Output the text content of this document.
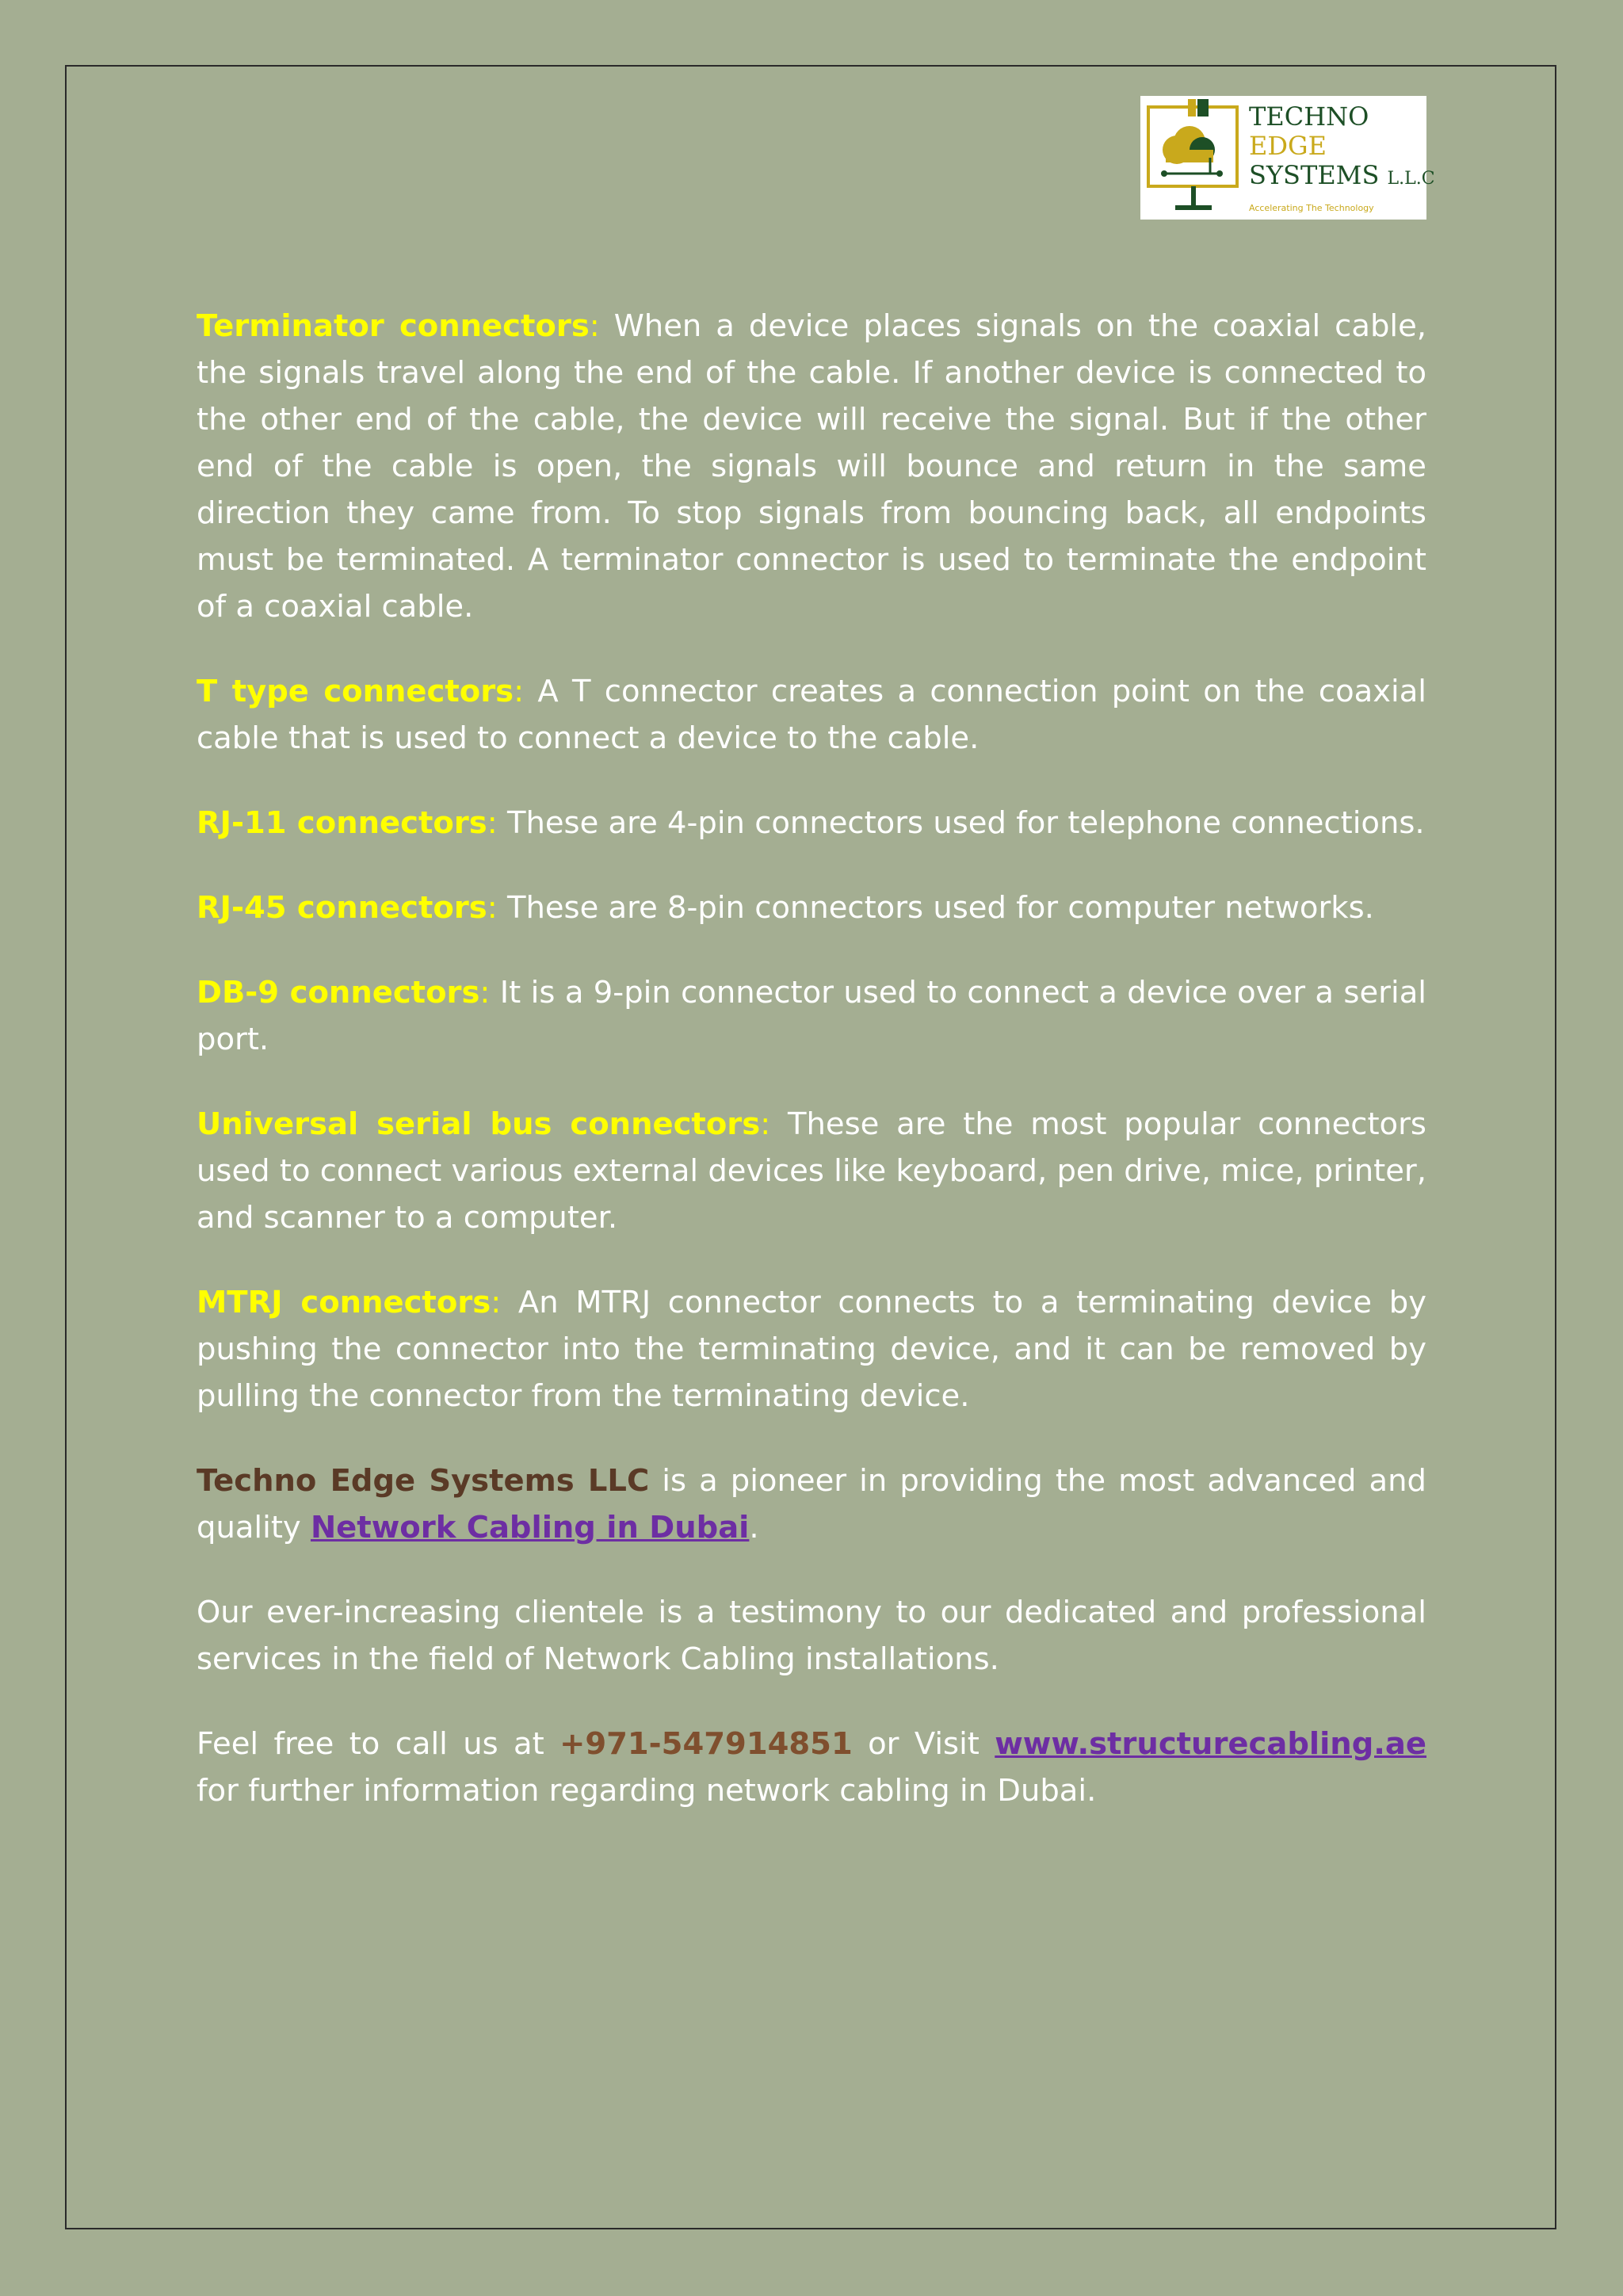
TECHNO
EDGE
SYSTEMS L.L.C
Accelerating The Technology

Terminator connectors: When a device places signals on the coaxial cable, the signals travel along the end of the cable. If another device is connected to the other end of the cable, the device will receive the signal. But if the other end of the cable is open, the signals will bounce and return in the same direction they came from. To stop signals from bouncing back, all endpoints must be terminated. A terminator connector is used to terminate the endpoint of a coaxial cable.

T type connectors: A T connector creates a connection point on the coaxial cable that is used to connect a device to the cable.

RJ-11 connectors: These are 4-pin connectors used for telephone connections.

RJ-45 connectors: These are 8-pin connectors used for computer networks.

DB-9 connectors: It is a 9-pin connector used to connect a device over a serial port.

Universal serial bus connectors: These are the most popular connectors used to connect various external devices like keyboard, pen drive, mice, printer, and scanner to a computer.

MTRJ connectors: An MTRJ connector connects to a terminating device by pushing the connector into the terminating device, and it can be removed by pulling the connector from the terminating device.

Techno Edge Systems LLC is a pioneer in providing the most advanced and quality Network Cabling in Dubai.

Our ever-increasing clientele is a testimony to our dedicated and professional services in the field of Network Cabling installations.

Feel free to call us at +971-547914851 or Visit www.structurecabling.ae for further information regarding network cabling in Dubai.
